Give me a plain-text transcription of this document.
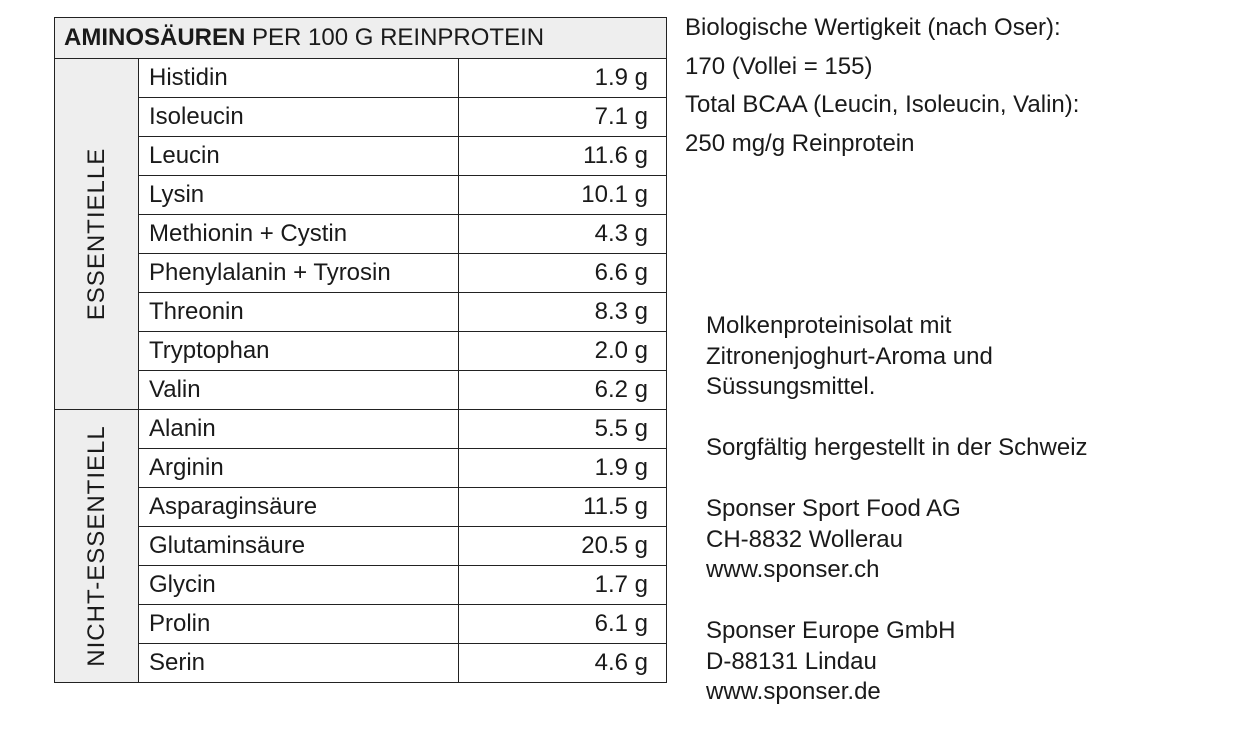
AMINOSÄUREN PER 100 G REINPROTEIN		

ESSENTIELLE	Histidin	1.9 g
	Isoleucin	7.1 g
	Leucin	11.6 g
	Lysin	10.1 g
	Methionin + Cystin	4.3 g
	Phenylalanin + Tyrosin	6.6 g
	Threonin	8.3 g
	Tryptophan	2.0 g
	Valin	6.2 g

NICHT-ESSENTIELL	Alanin	5.5 g
	Arginin	1.9 g
	Asparaginsäure	11.5 g
	Glutaminsäure	20.5 g
	Glycin	1.7 g
	Prolin	6.1 g
	Serin	4.6 g
Biologische Wertigkeit (nach Oser):
170 (Vollei = 155)
Total BCAA (Leucin, Isoleucin, Valin):
250 mg/g Reinprotein
Molkenproteinisolat mit
Zitronenjoghurt-Aroma und
Süssungsmittel.
Sorgfältig hergestellt in der Schweiz
Sponser Sport Food AG
CH-8832 Wollerau
www.sponser.ch
Sponser Europe GmbH
D-88131 Lindau
www.sponser.de
